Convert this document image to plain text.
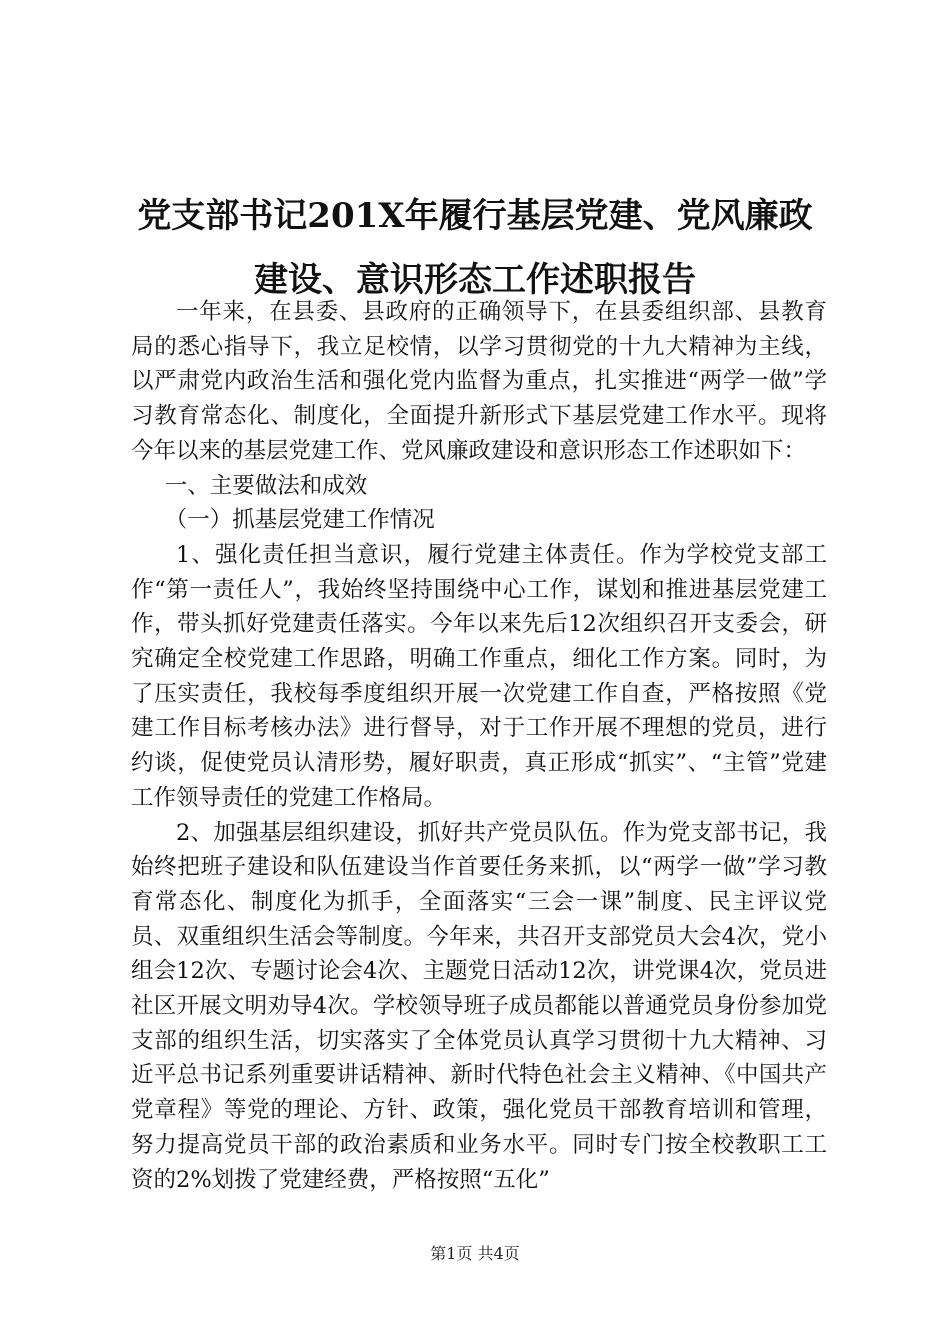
党支部书记201X年履行基层党建、党风廉政
建设、意识形态工作述职报告

一年来，在县委、县政府的正确领导下，在县委组织部、县教育局的悉心指导下，我立足校情，以学习贯彻党的十九大精神为主线，以严肃党内政治生活和强化党内监督为重点，扎实推进“两学一做”学习教育常态化、制度化，全面提升新形式下基层党建工作水平。现将今年以来的基层党建工作、党风廉政建设和意识形态工作述职如下：

一、主要做法和成效

（一）抓基层党建工作情况

1、强化责任担当意识，履行党建主体责任。作为学校党支部工作“第一责任人”，我始终坚持围绕中心工作，谋划和推进基层党建工作，带头抓好党建责任落实。今年以来先后12次组织召开支委会，研究确定全校党建工作思路，明确工作重点，细化工作方案。同时，为了压实责任，我校每季度组织开展一次党建工作自查，严格按照《党建工作目标考核办法》进行督导，对于工作开展不理想的党员，进行约谈，促使党员认清形势，履好职责，真正形成“抓实”、“主管”党建工作领导责任的党建工作格局。

2、加强基层组织建设，抓好共产党员队伍。作为党支部书记，我始终把班子建设和队伍建设当作首要任务来抓，以“两学一做”学习教育常态化、制度化为抓手，全面落实“三会一课”制度、民主评议党员、双重组织生活会等制度。今年来，共召开支部党员大会4次，党小组会12次、专题讨论会4次、主题党日活动12次，讲党课4次，党员进社区开展文明劝导4次。学校领导班子成员都能以普通党员身份参加党支部的组织生活，切实落实了全体党员认真学习贯彻十九大精神、习近平总书记系列重要讲话精神、新时代特色社会主义精神、《中国共产党章程》等党的理论、方针、政策，强化党员干部教育培训和管理，努力提高党员干部的政治素质和业务水平。同时专门按全校教职工工资的2%划拨了党建经费，严格按照“五化”

第1页 共4页
